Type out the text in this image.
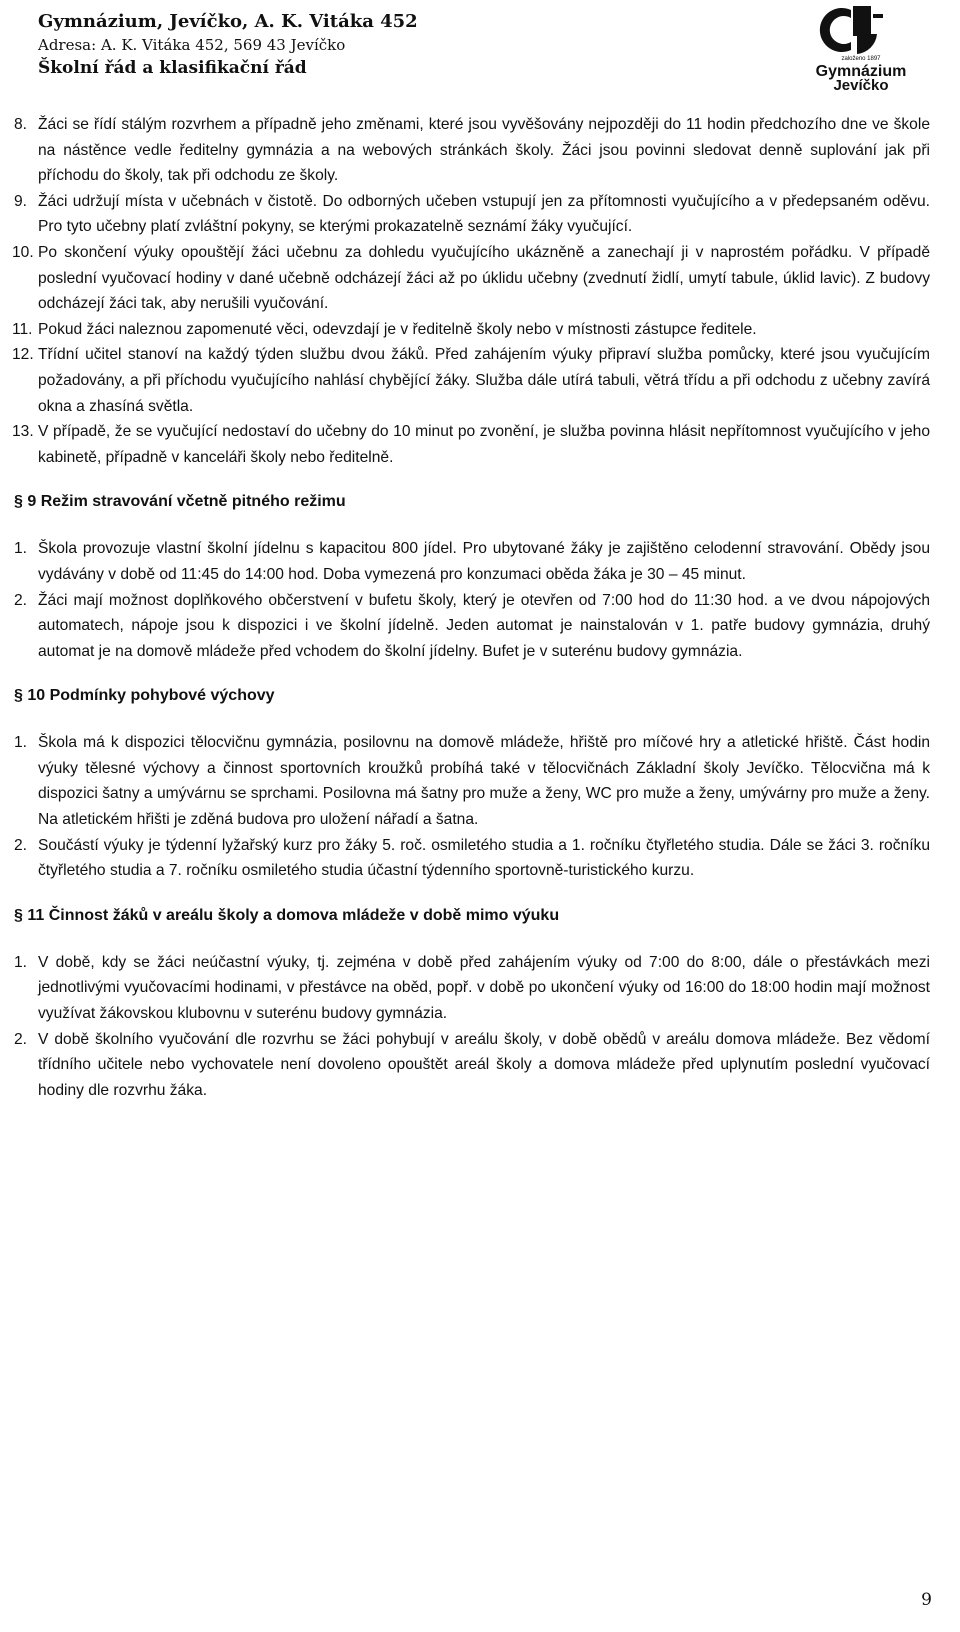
Gymnázium, Jevíčko, A. K. Vitáka 452
Adresa: A. K. Vitáka 452, 569 43 Jevíčko
Školní řád a klasifikační řád	založeno 1897
Gymnázium
Jevíčko
8. Žáci se řídí stálým rozvrhem a případně jeho změnami, které jsou vyvěšovány nejpozději do 11 hodin předchozího dne ve škole na nástěnce vedle ředitelny gymnázia a na webových stránkách školy. Žáci jsou povinni sledovat denně suplování jak při příchodu do školy, tak při odchodu ze školy.
9. Žáci udržují místa v učebnách v čistotě. Do odborných učeben vstupují jen za přítomnosti vyučujícího a v předepsaném oděvu. Pro tyto učebny platí zvláštní pokyny, se kterými prokazatelně seznámí žáky vyučující.
10. Po skončení výuky opouštějí žáci učebnu za dohledu vyučujícího ukázněně a zanechají ji v naprostém pořádku. V případě poslední vyučovací hodiny v dané učebně odcházejí žáci až po úklidu učebny (zvednutí židlí, umytí tabule, úklid lavic). Z budovy odcházejí žáci tak, aby nerušili vyučování.
11. Pokud žáci naleznou zapomenuté věci, odevzdají je v ředitelně školy nebo v místnosti zástupce ředitele.
12. Třídní učitel stanoví na každý týden službu dvou žáků. Před zahájením výuky připraví služba pomůcky, které jsou vyučujícím požadovány, a při příchodu vyučujícího nahlásí chybějící žáky. Služba dále utírá tabuli, větrá třídu a při odchodu z učebny zavírá okna a zhasíná světla.
13. V případě, že se vyučující nedostaví do učebny do 10 minut po zvonění, je služba povinna hlásit nepřítomnost vyučujícího v jeho kabinetě, případně v kanceláři školy nebo ředitelně.
§ 9 Režim stravování včetně pitného režimu
1. Škola provozuje vlastní školní jídelnu s kapacitou 800 jídel. Pro ubytované žáky je zajištěno celodenní stravování. Obědy jsou vydávány v době od 11:45 do 14:00 hod. Doba vymezená pro konzumaci oběda žáka je 30 – 45 minut.
2. Žáci mají možnost doplňkového občerstvení v bufetu školy, který je otevřen od 7:00 hod do 11:30 hod. a ve dvou nápojových automatech, nápoje jsou k dispozici i ve školní jídelně. Jeden automat je nainstalován v 1. patře budovy gymnázia, druhý automat je na domově mládeže před vchodem do školní jídelny. Bufet je v suterénu budovy gymnázia.
§ 10 Podmínky pohybové výchovy
1. Škola má k dispozici tělocvičnu gymnázia, posilovnu na domově mládeže, hřiště pro míčové hry a atletické hřiště. Část hodin výuky tělesné výchovy a činnost sportovních kroužků probíhá také v tělocvičnách Základní školy Jevíčko. Tělocvična má k dispozici šatny a umývárnu se sprchami. Posilovna má šatny pro muže a ženy, WC pro muže a ženy, umývárny pro muže a ženy. Na atletickém hřišti je zděná budova pro uložení nářadí a šatna.
2. Součástí výuky je týdenní lyžařský kurz pro žáky 5. roč. osmiletého studia a 1. ročníku čtyřletého studia. Dále se žáci 3. ročníku čtyřletého studia a 7. ročníku osmiletého studia účastní týdenního sportovně-turistického kurzu.
§ 11 Činnost žáků v areálu školy a domova mládeže v době mimo výuku
1. V době, kdy se žáci neúčastní výuky, tj. zejména v době před zahájením výuky od 7:00 do 8:00, dále o přestávkách mezi jednotlivými vyučovacími hodinami, v přestávce na oběd, popř. v době po ukončení výuky od 16:00 do 18:00 hodin mají možnost využívat žákovskou klubovnu v suterénu budovy gymnázia.
2. V době školního vyučování dle rozvrhu se žáci pohybují v areálu školy, v době obědů v areálu domova mládeže. Bez vědomí třídního učitele nebo vychovatele není dovoleno opouštět areál školy a domova mládeže před uplynutím poslední vyučovací hodiny dle rozvrhu žáka.
9
